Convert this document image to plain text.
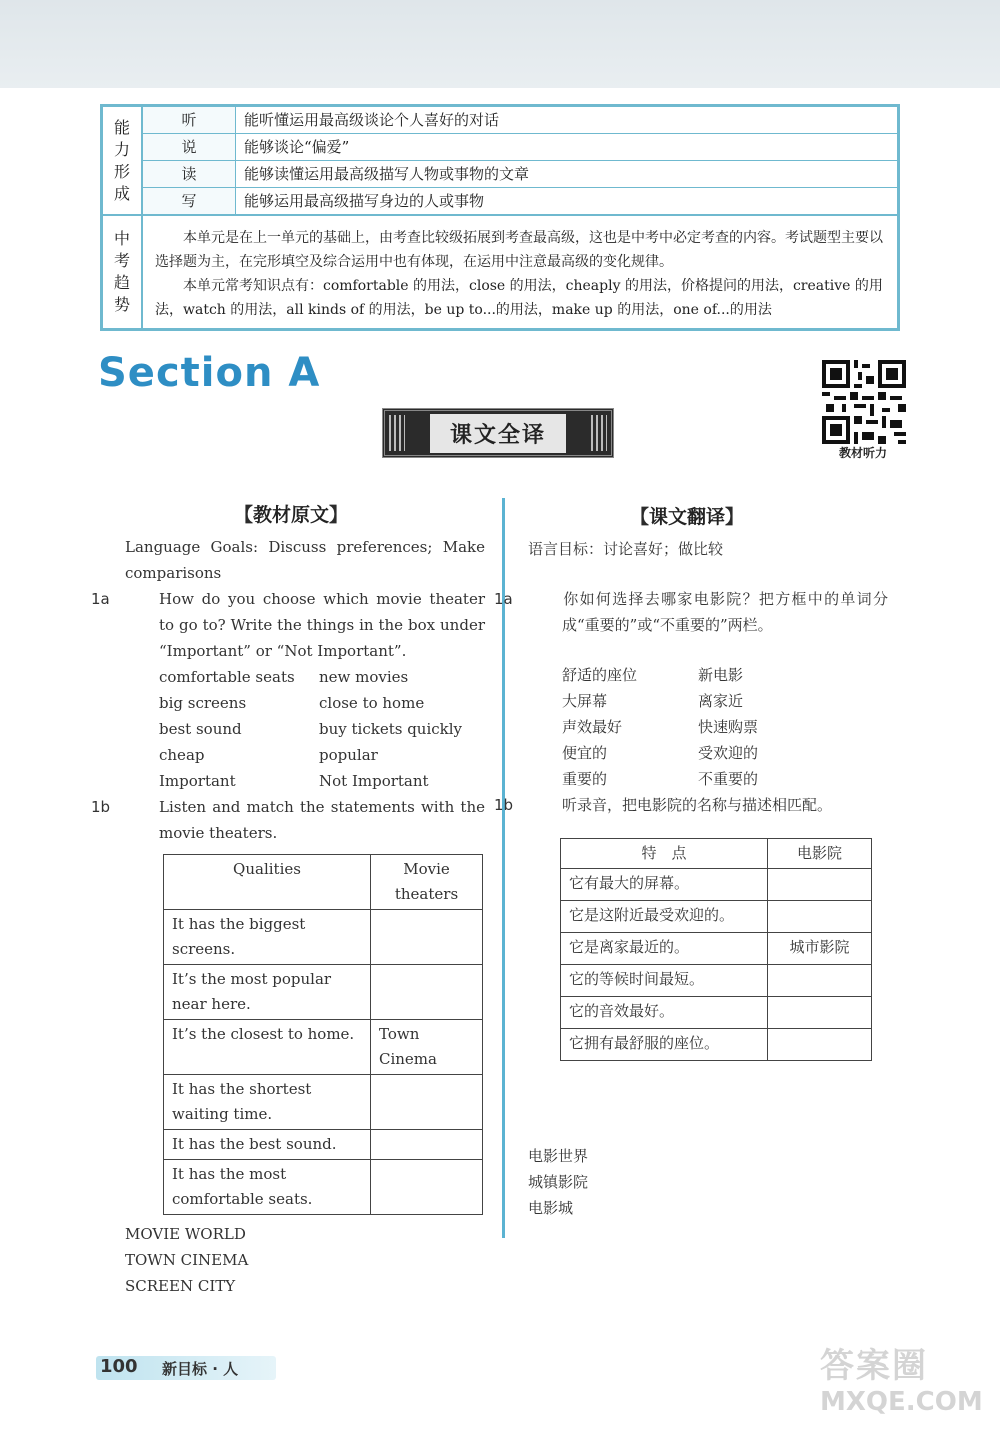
能
力
形
成
听	能听懂运用最高级谈论个人喜好的对话
说	能够谈论“偏爱”
读	能够读懂运用最高级描写人物或事物的文章
写	能够运用最高级描写身边的人或事物
中
考
趋
势

本单元是在上一单元的基础上，由考查比较级拓展到考查最高级，这也是中考中必定考查的内容。考试题型主要以选择题为主，在完形填空及综合运用中也有体现，在运用中注意最高级的变化规律。

本单元常考知识点有：comfortable 的用法，close 的用法，cheaply 的用法，价格提问的用法，creative 的用法，watch 的用法，all kinds of 的用法，be up to...的用法，make up 的用法，one of...的用法

Section A
教材听力
课文全译
【教材原文】	【课文翻译】

Language Goals: Discuss preferences; Make comparisons

1a	How do you choose which movie theater to go to? Write the things in the box under “Important” or “Not Important”.

comfortable seats	new movies
big screens	close to home
best sound	buy tickets quickly
cheap	popular
Important	Not Important

1b	Listen and match the statements with the movie theaters.

Qualities	Movie theaters
It has the biggest screens.	
It’s the most popular near here.	
It’s the closest to home.	Town Cinema
It has the shortest waiting time.	
It has the best sound.	
It has the most comfortable seats.	
MOVIE WORLD
TOWN CINEMA
SCREEN CITY

语言目标：讨论喜好；做比较

1a	你如何选择去哪家电影院？把方框中的单词分成“重要的”或“不重要的”两栏。

舒适的座位	新电影
大屏幕	离家近
声效最好	快速购票
便宜的	受欢迎的
重要的	不重要的

1b	听录音，把电影院的名称与描述相匹配。

特　点	电影院
它有最大的屏幕。	
它是这附近最受欢迎的。	
它是离家最近的。	城市影院
它的等候时间最短。	
它的音效最好。	
它拥有最舒服的座位。	
电影世界
城镇影院
电影城
100 新目标 · 人	答案圈
MXQE.COM
